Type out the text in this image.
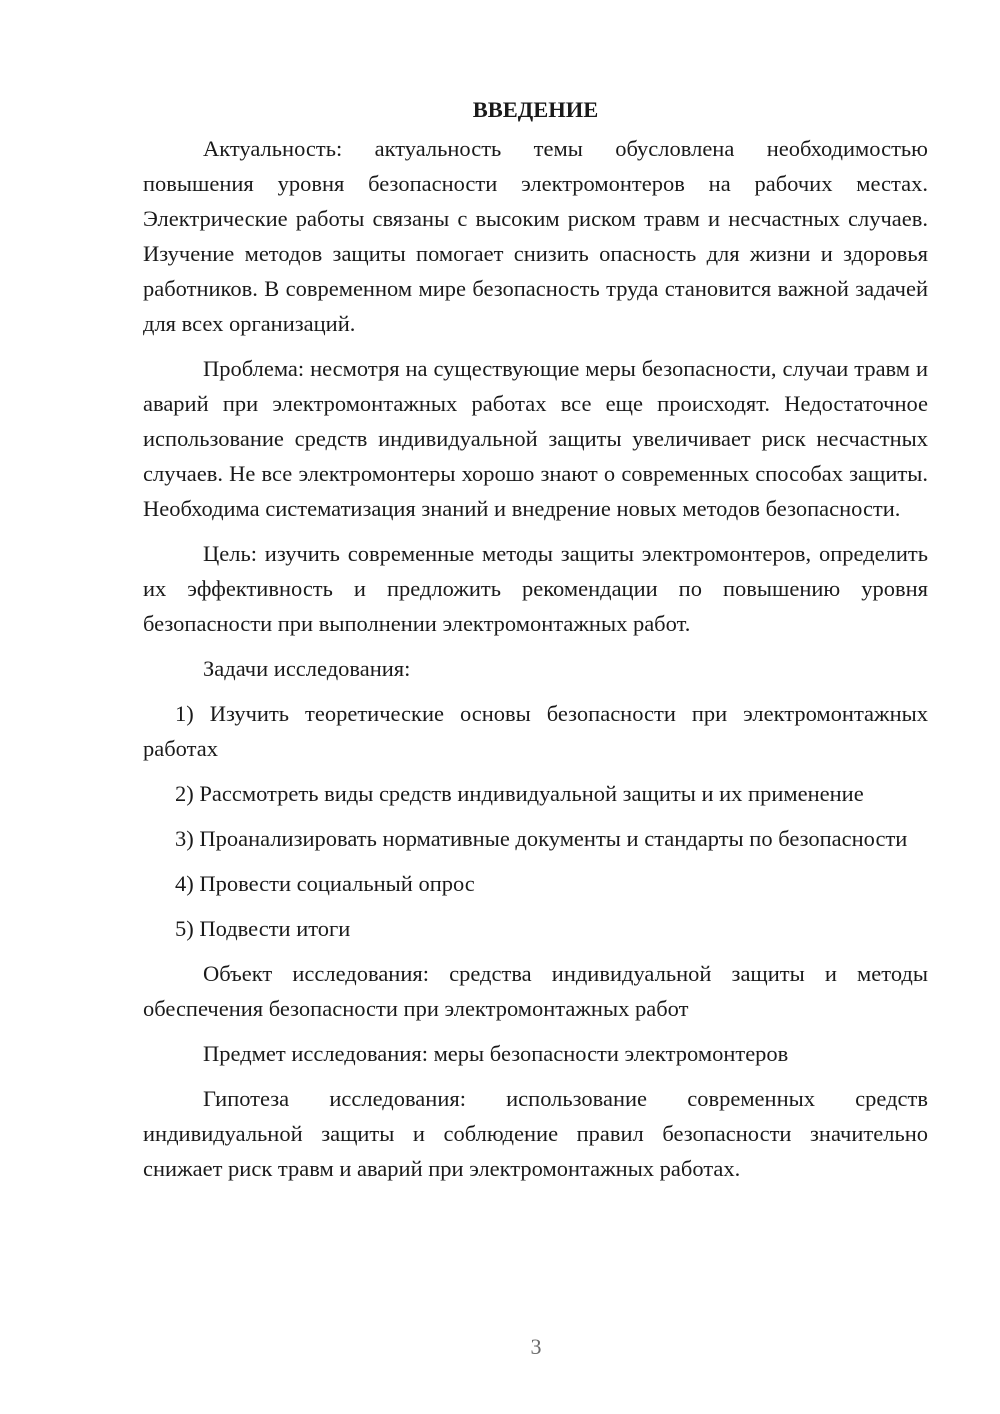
ВВЕДЕНИЕ

Актуальность: актуальность темы обусловлена необходимостью повышения уровня безопасности электромонтеров на рабочих местах. Электрические работы связаны с высоким риском травм и несчастных случаев. Изучение методов защиты помогает снизить опасность для жизни и здоровья работников. В современном мире безопасность труда становится важной задачей для всех организаций.

Проблема: несмотря на существующие меры безопасности, случаи травм и аварий при электромонтажных работах все еще происходят. Недостаточное использование средств индивидуальной защиты увеличивает риск несчастных случаев. Не все электромонтеры хорошо знают о современных способах защиты. Необходима систематизация знаний и внедрение новых методов безопасности.

Цель: изучить современные методы защиты электромонтеров, определить их эффективность и предложить рекомендации по повышению уровня безопасности при выполнении электромонтажных работ.

Задачи исследования:

1) Изучить теоретические основы безопасности при электромонтажных работах

2) Рассмотреть виды средств индивидуальной защиты и их применение

3) Проанализировать нормативные документы и стандарты по безопасности

4) Провести социальный опрос

5) Подвести итоги

Объект исследования: средства индивидуальной защиты и методы обеспечения безопасности при электромонтажных работ

Предмет исследования: меры безопасности электромонтеров

Гипотеза исследования: использование современных средств индивидуальной защиты и соблюдение правил безопасности значительно снижает риск травм и аварий при электромонтажных работах.

3
